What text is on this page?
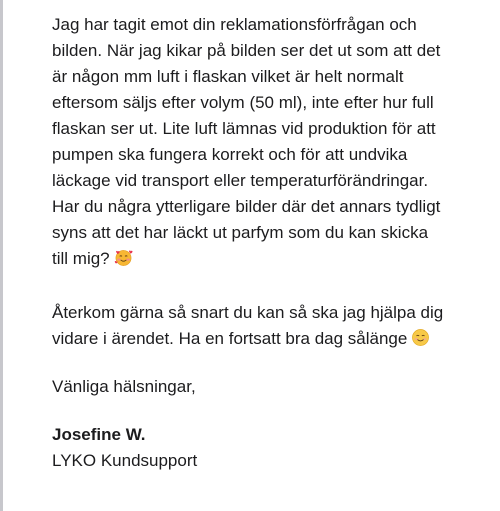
Jag har tagit emot din reklamationsförfrågan och
bilden. När jag kikar på bilden ser det ut som att det
är någon mm luft i flaskan vilket är helt normalt
eftersom säljs efter volym (50 ml), inte efter hur full
flaskan ser ut. Lite luft lämnas vid produktion för att
pumpen ska fungera korrekt och för att undvika
läckage vid transport eller temperaturförändringar.
Har du några ytterligare bilder där det annars tydligt
syns att det har läckt ut parfym som du kan skicka
till mig?

Återkom gärna så snart du kan så ska jag hjälpa dig
vidare i ärendet. Ha en fortsatt bra dag sålänge

Vänliga hälsningar,

Josefine W.
LYKO Kundsupport
